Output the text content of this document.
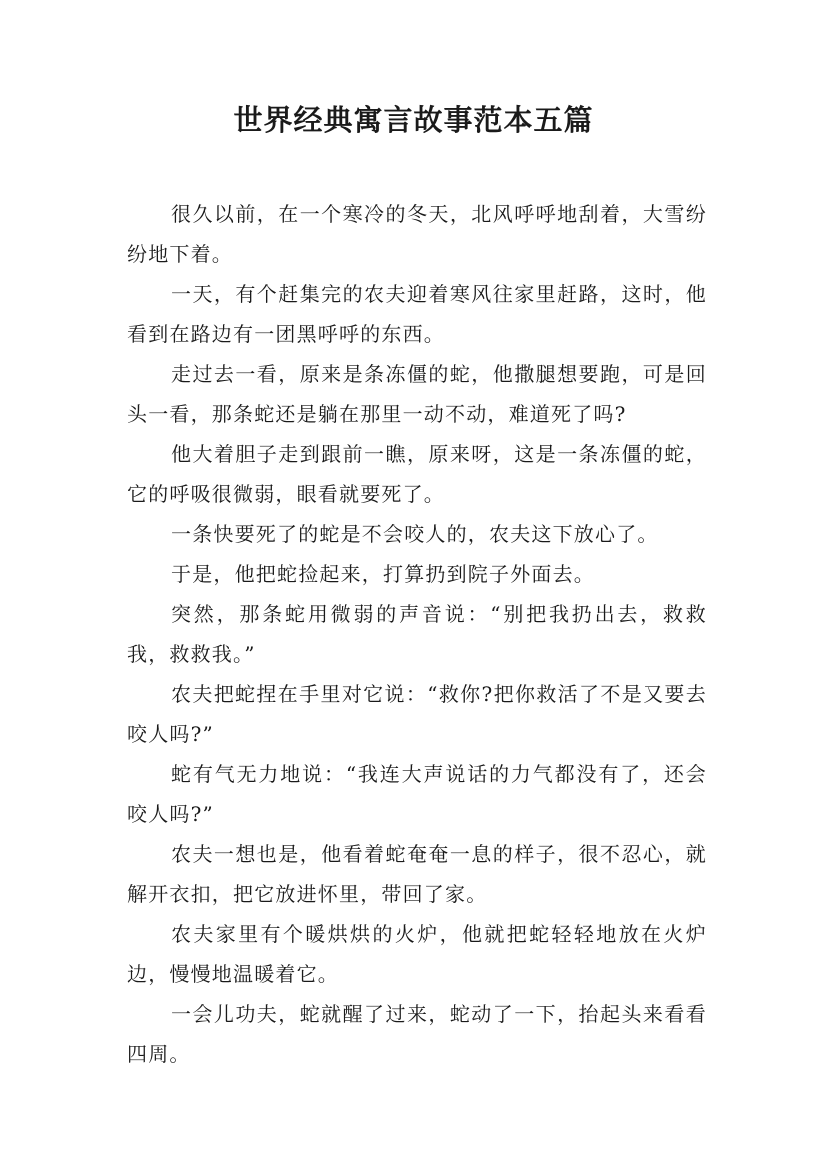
世界经典寓言故事范本五篇

很久以前，在一个寒冷的冬天，北风呼呼地刮着，大雪纷纷地下着。

一天，有个赶集完的农夫迎着寒风往家里赶路，这时，他看到在路边有一团黑呼呼的东西。

走过去一看，原来是条冻僵的蛇，他撒腿想要跑，可是回头一看，那条蛇还是躺在那里一动不动，难道死了吗?

他大着胆子走到跟前一瞧，原来呀，这是一条冻僵的蛇，它的呼吸很微弱，眼看就要死了。

一条快要死了的蛇是不会咬人的，农夫这下放心了。

于是，他把蛇捡起来，打算扔到院子外面去。

突然，那条蛇用微弱的声音说：“别把我扔出去，救救我，救救我。”

农夫把蛇捏在手里对它说：“救你?把你救活了不是又要去咬人吗?”

蛇有气无力地说：“我连大声说话的力气都没有了，还会咬人吗?”

农夫一想也是，他看着蛇奄奄一息的样子，很不忍心，就解开衣扣，把它放进怀里，带回了家。

农夫家里有个暖烘烘的火炉，他就把蛇轻轻地放在火炉边，慢慢地温暖着它。

一会儿功夫，蛇就醒了过来，蛇动了一下，抬起头来看看四周。
